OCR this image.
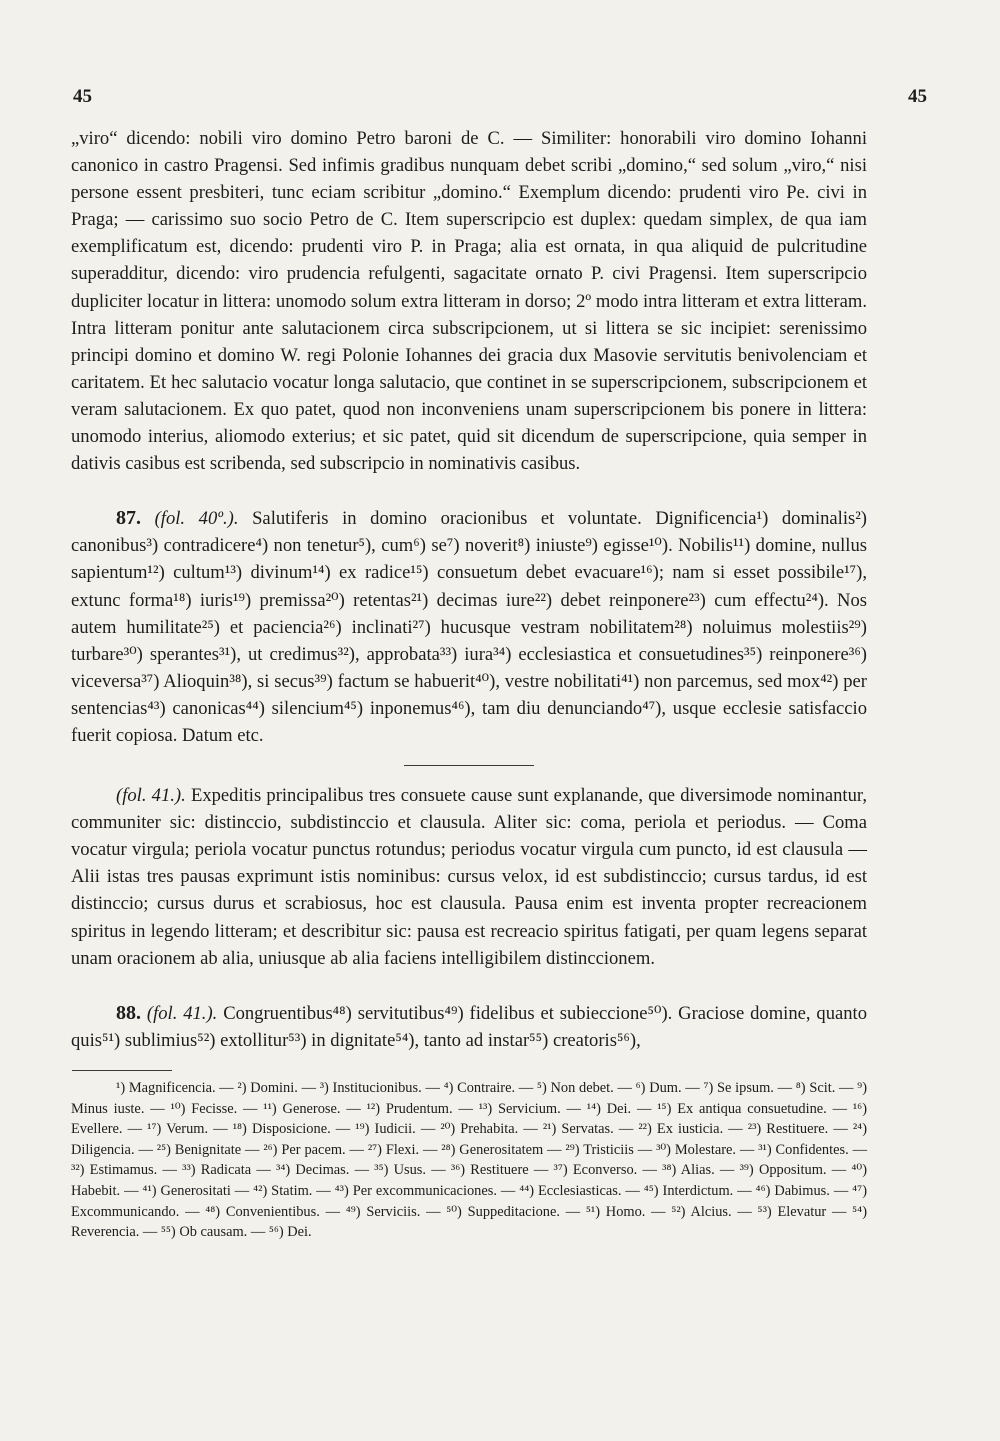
45	45

„viro“ dicendo: nobili viro domino Petro baroni de C. — Similiter: honorabili viro domino Iohanni canonico in castro Pragensi. Sed infimis gradibus nunquam debet scribi „domino,“ sed solum „viro,“ nisi persone essent presbiteri, tunc eciam scribitur „domino.“ Exemplum dicendo: prudenti viro Pe. civi in Praga; — carissimo suo socio Petro de C. Item superscripcio est duplex: quedam simplex, de qua iam exemplificatum est, dicendo: prudenti viro P. in Praga; alia est ornata, in qua aliquid de pulcritudine superadditur, dicendo: viro prudencia refulgenti, sagacitate ornato P. civi Pragensi. Item superscripcio dupliciter locatur in littera: unomodo solum extra litteram in dorso; 2º modo intra litteram et extra litteram. Intra litteram ponitur ante salutacionem circa subscripcionem, ut si littera se sic incipiet: serenissimo principi domino et domino W. regi Polonie Iohannes dei gracia dux Masovie servitutis benivolenciam et caritatem. Et hec salutacio vocatur longa salutacio, que continet in se superscripcionem, subscripcionem et veram salutacionem. Ex quo patet, quod non inconveniens unam superscripcionem bis ponere in littera: unomodo interius, aliomodo exterius; et sic patet, quid sit dicendum de superscripcione, quia semper in dativis casibus est scribenda, sed subscripcio in nominativis casibus.

87. (fol. 40º.). Salutiferis in domino oracionibus et voluntate. Dignificencia¹) dominalis²) canonibus³) contradicere⁴) non tenetur⁵), cum⁶) se⁷) noverit⁸) iniuste⁹) egisse¹⁰). Nobilis¹¹) domine, nullus sapientum¹²) cultum¹³) divinum¹⁴) ex radice¹⁵) consuetum debet evacuare¹⁶); nam si esset possibile¹⁷), extunc forma¹⁸) iuris¹⁹) premissa²⁰) retentas²¹) decimas iure²²) debet reinponere²³) cum effectu²⁴). Nos autem humilitate²⁵) et paciencia²⁶) inclinati²⁷) hucusque vestram nobilitatem²⁸) noluimus molestiis²⁹) turbare³⁰) sperantes³¹), ut credimus³²), approbata³³) iura³⁴) ecclesiastica et consuetudines³⁵) reinponere³⁶) viceversa³⁷) Alioquin³⁸), si secus³⁹) factum se habuerit⁴⁰), vestre nobilitati⁴¹) non parcemus, sed mox⁴²) per sentencias⁴³) canonicas⁴⁴) silencium⁴⁵) inponemus⁴⁶), tam diu denunciando⁴⁷), usque ecclesie satisfaccio fuerit copiosa. Datum etc.

(fol. 41.). Expeditis principalibus tres consuete cause sunt explanande, que diversimode nominantur, communiter sic: distinccio, subdistinccio et clausula. Aliter sic: coma, periola et periodus. — Coma vocatur virgula; periola vocatur punctus rotundus; periodus vocatur virgula cum puncto, id est clausula — Alii istas tres pausas exprimunt istis nominibus: cursus velox, id est subdistinccio; cursus tardus, id est distinccio; cursus durus et scrabiosus, hoc est clausula. Pausa enim est inventa propter recreacionem spiritus in legendo litteram; et describitur sic: pausa est recreacio spiritus fatigati, per quam legens separat unam oracionem ab alia, uniusque ab alia faciens intelligibilem distinccionem.

88. (fol. 41.). Congruentibus⁴⁸) servitutibus⁴⁹) fidelibus et subieccione⁵⁰). Graciose domine, quanto quis⁵¹) sublimius⁵²) extollitur⁵³) in dignitate⁵⁴), tanto ad instar⁵⁵) creatoris⁵⁶),

¹) Magnificencia. — ²) Domini. — ³) Institucionibus. — ⁴) Contraire. — ⁵) Non debet. — ⁶) Dum. — ⁷) Se ipsum. — ⁸) Scit. — ⁹) Minus iuste. — ¹⁰) Fecisse. — ¹¹) Generose. — ¹²) Prudentum. — ¹³) Servicium. — ¹⁴) Dei. — ¹⁵) Ex antiqua consuetudine. — ¹⁶) Evellere. — ¹⁷) Verum. — ¹⁸) Disposicione. — ¹⁹) Iudicii. — ²⁰) Prehabita. — ²¹) Servatas. — ²²) Ex iusticia. — ²³) Restituere. — ²⁴) Diligencia. — ²⁵) Benignitate — ²⁶) Per pacem. — ²⁷) Flexi. — ²⁸) Generositatem — ²⁹) Tristiciis — ³⁰) Molestare. — ³¹) Confidentes. — ³²) Estimamus. — ³³) Radicata — ³⁴) Decimas. — ³⁵) Usus. — ³⁶) Restituere — ³⁷) Econverso. — ³⁸) Alias. — ³⁹) Oppositum. — ⁴⁰) Habebit. — ⁴¹) Generositati — ⁴²) Statim. — ⁴³) Per excommunicaciones. — ⁴⁴) Ecclesiasticas. — ⁴⁵) Interdictum. — ⁴⁶) Dabimus. — ⁴⁷) Excommunicando. — ⁴⁸) Convenientibus. — ⁴⁹) Serviciis. — ⁵⁰) Suppeditacione. — ⁵¹) Homo. — ⁵²) Alcius. — ⁵³) Elevatur — ⁵⁴) Reverencia. — ⁵⁵) Ob causam. — ⁵⁶) Dei.
